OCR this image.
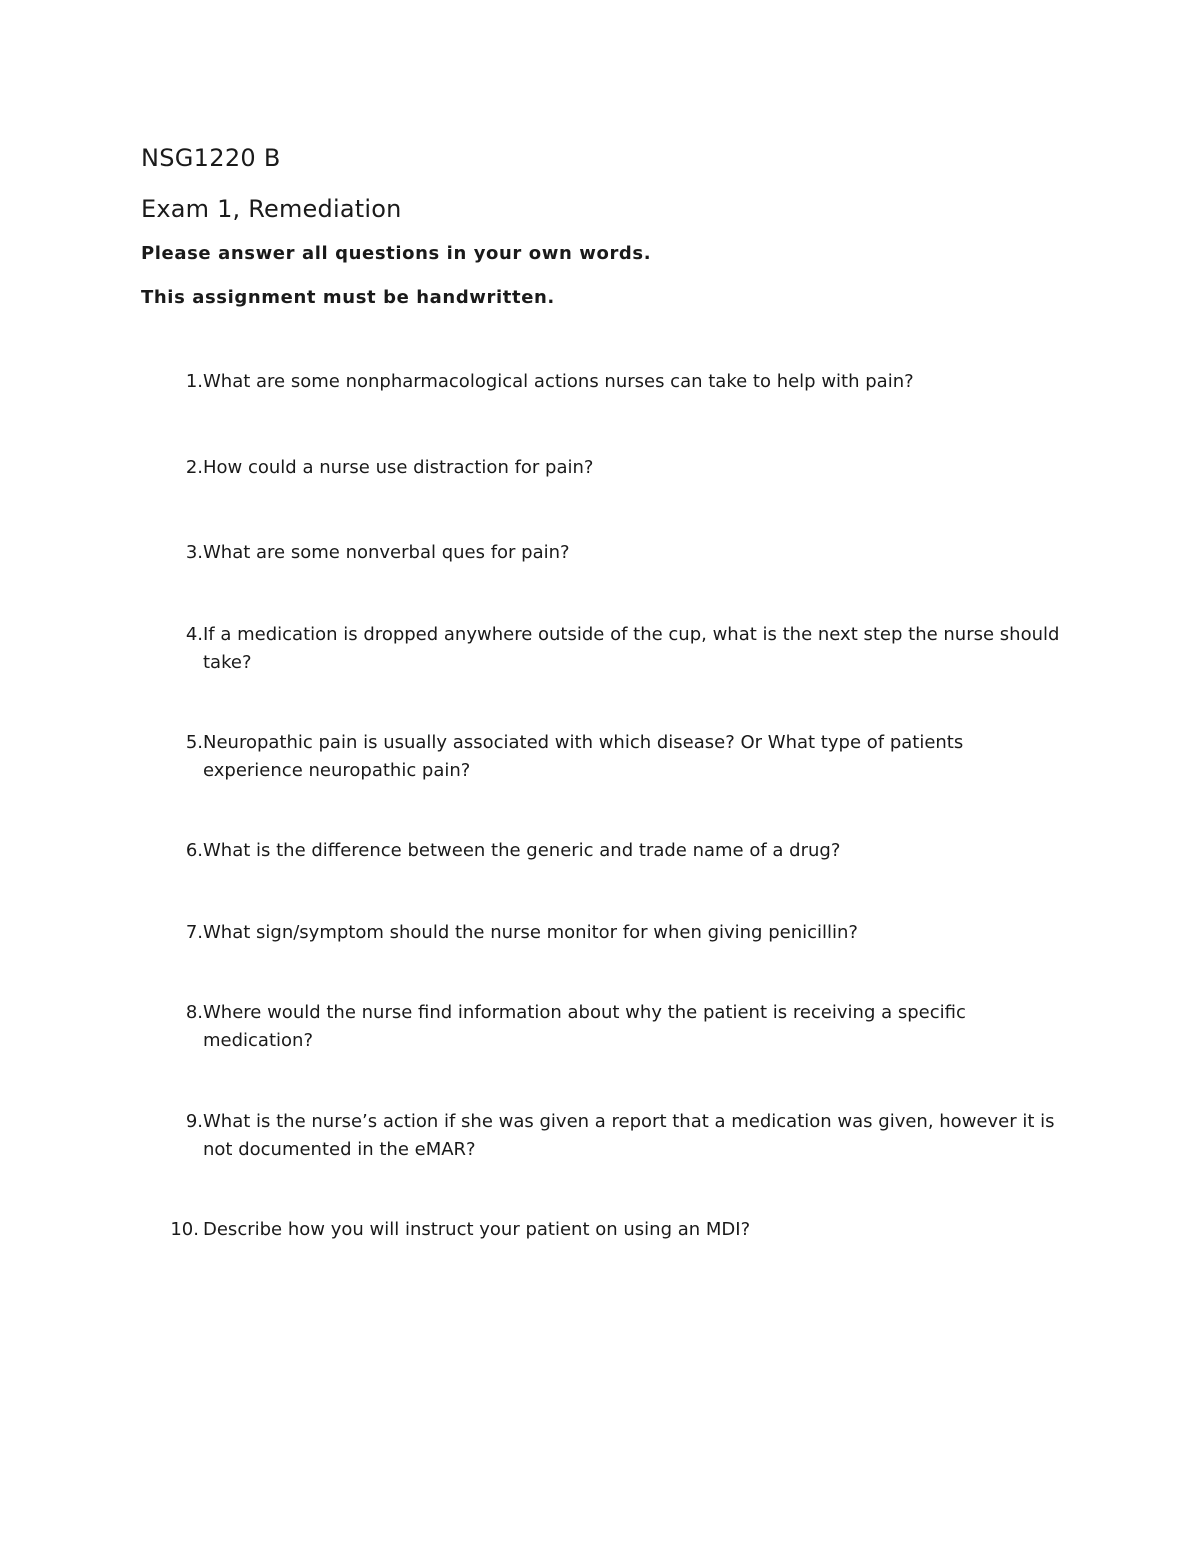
NSG1220 B
Exam 1, Remediation

Please answer all questions in your own words.

This assignment must be handwritten.

1. What are some nonpharmacological actions nurses can take to help with pain?
2. How could a nurse use distraction for pain?
3. What are some nonverbal ques for pain?
4. If a medication is dropped anywhere outside of the cup, what is the next step the nurse should take?
5. Neuropathic pain is usually associated with which disease? Or What type of patients experience neuropathic pain?
6. What is the difference between the generic and trade name of a drug?
7. What sign/symptom should the nurse monitor for when giving penicillin?
8. Where would the nurse find information about why the patient is receiving a specific medication?
9. What is the nurse’s action if she was given a report that a medication was given, however it is not documented in the eMAR?
10. Describe how you will instruct your patient on using an MDI?
